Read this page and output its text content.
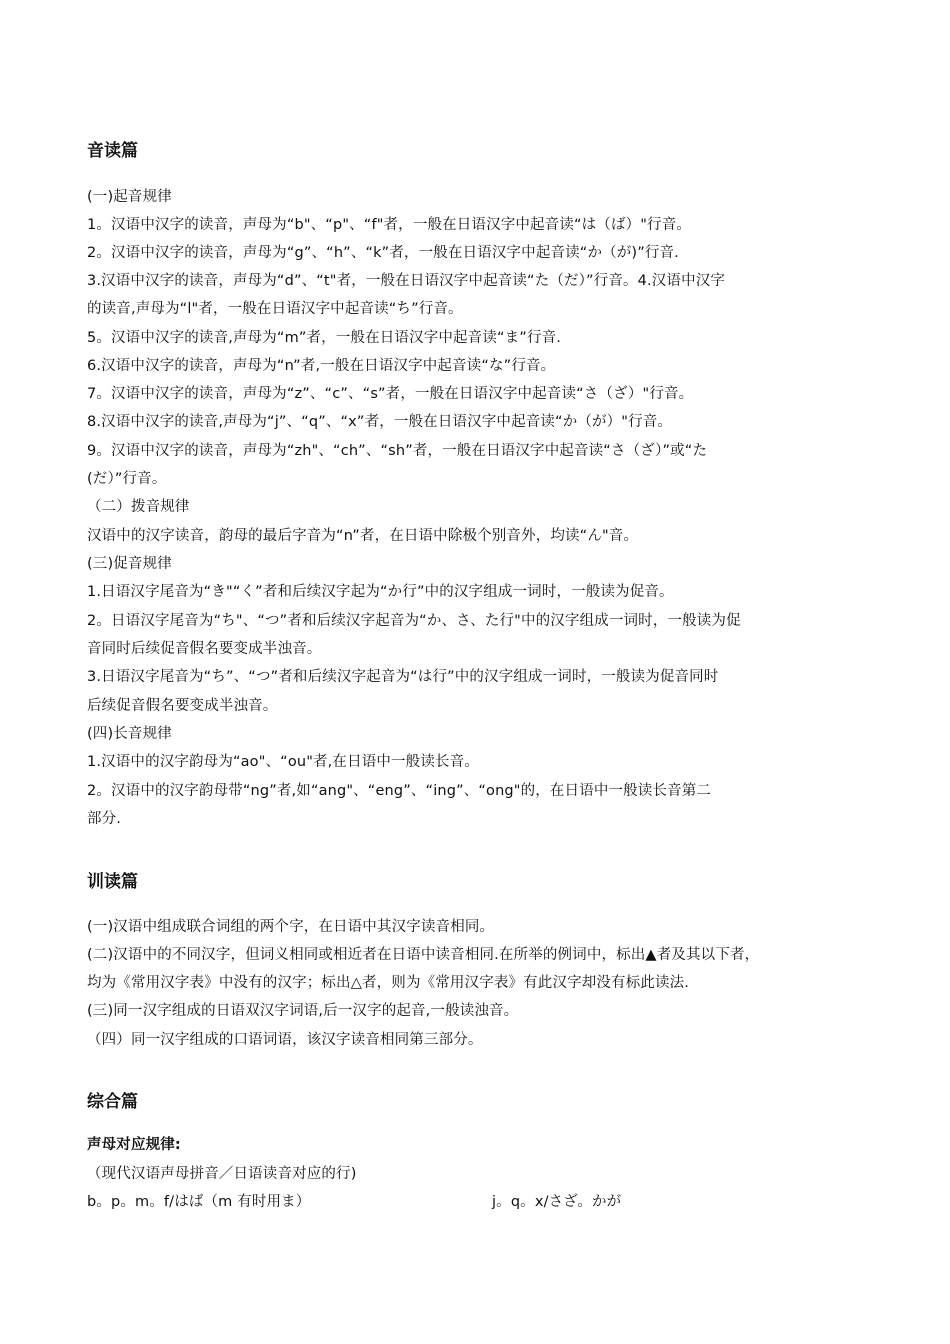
音读篇
(一)起音规律
1。汉语中汉字的读音，声母为“b"、“p"、“f"者，一般在日语汉字中起音读“は（ば）"行音。
2。汉语中汉字的读音，声母为“g”、“h”、“k”者，一般在日语汉字中起音读“か（が)”行音.
3.汉语中汉字的读音，声母为“d”、“t"者，一般在日语汉字中起音读“た（だ）”行音。4.汉语中汉字
的读音,声母为“l"者，一般在日语汉字中起音读“ち”行音。
5。汉语中汉字的读音,声母为“m”者，一般在日语汉字中起音读“ま”行音.
6.汉语中汉字的读音，声母为“n”者,一般在日语汉字中起音读“な”行音。
7。汉语中汉字的读音，声母为“z”、“c”、“s”者，一般在日语汉字中起音读“さ（ざ）"行音。
8.汉语中汉字的读音,声母为“j”、“q”、“x”者，一般在日语汉字中起音读“か（が）"行音。
9。汉语中汉字的读音，声母为“zh"、“ch”、“sh”者，一般在日语汉字中起音读“さ（ざ）”或“た
(だ）”行音。
（二）拨音规律
汉语中的汉字读音，韵母的最后字音为“n”者，在日语中除极个别音外，均读“ん"音。
(三)促音规律
1.日语汉字尾音为“き"“く”者和后续汉字起为“か行”中的汉字组成一词时，一般读为促音。
2。日语汉字尾音为“ち"、“つ”者和后续汉字起音为“か、さ、た行"中的汉字组成一词时，一般读为促
音同时后续促音假名要变成半浊音。
3.日语汉字尾音为“ち”、“つ”者和后续汉字起音为“は行”中的汉字组成一词时，一般读为促音同时
后续促音假名要变成半浊音。
(四)长音规律
1.汉语中的汉字韵母为“ao"、“ou"者,在日语中一般读长音。
2。汉语中的汉字韵母带“ng”者,如“ang"、“eng”、“ing”、“ong"的，在日语中一般读长音第二
部分.
训读篇
(一)汉语中组成联合词组的两个字，在日语中其汉字读音相同。
(二)汉语中的不同汉字，但词义相同或相近者在日语中读音相同.在所举的例词中，标出▲者及其以下者，
均为《常用汉字表》中没有的汉字；标出△者，则为《常用汉字表》有此汉字却没有标此读法.
(三)同一汉字组成的日语双汉字词语,后一汉字的起音,一般读浊音。
（四）同一汉字组成的口语词语，该汉字读音相同第三部分。
综合篇
声母对应规律:
（现代汉语声母拼音／日语读音对应的行)
b。p。m。f/はば（m 有时用ま）	j。q。x/さざ。かが
